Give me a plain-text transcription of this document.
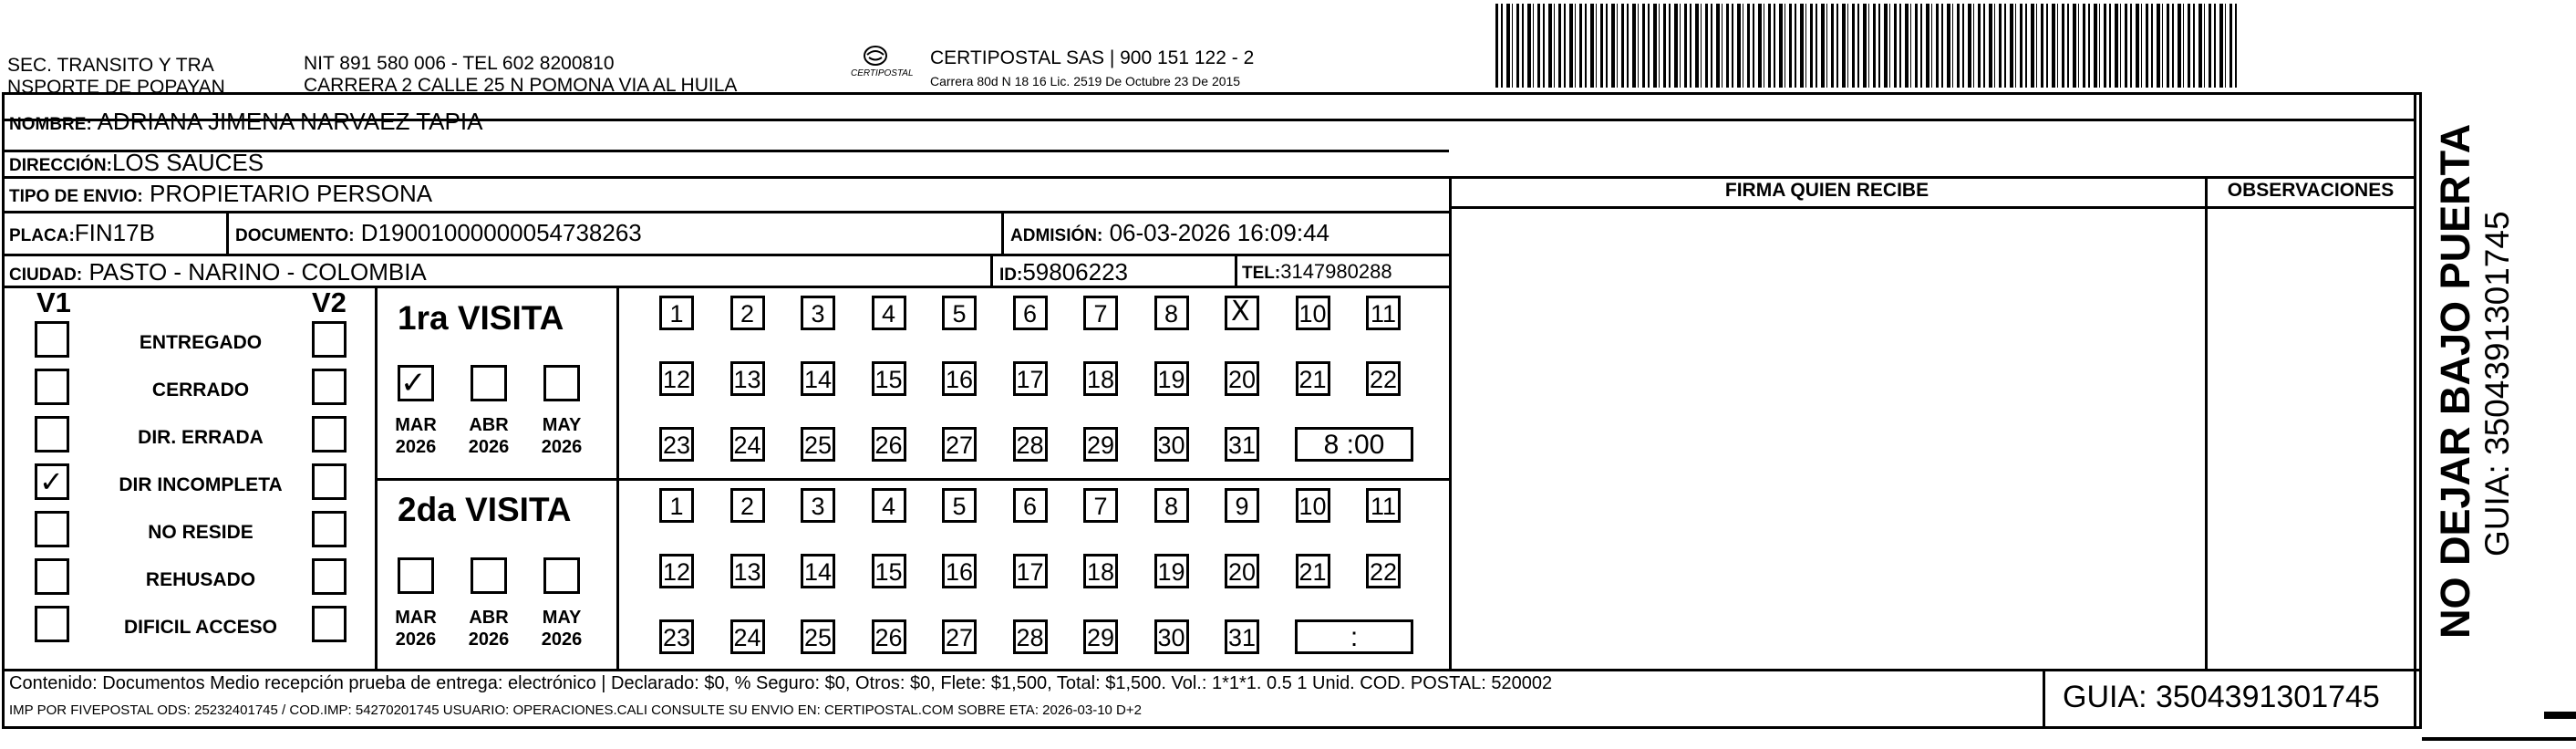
SEC. TRANSITO Y TRA
NSPORTE DE POPAYAN
NIT 891 580 006 - TEL 602 8200810
CARRERA 2 CALLE 25 N POMONA VIA AL HUILA
CERTIPOSTAL
CERTIPOSTAL SAS | 900 151 122 - 2
Carrera 80d N 18 16 Lic. 2519 De Octubre 23 De 2015
NOMBRE: ADRIANA JIMENA NARVAEZ TAPIA
DIRECCIÓN:LOS SAUCES
TIPO DE ENVIO: PROPIETARIO PERSONA
PLACA:FIN17B	DOCUMENTO: D19001000000054738263	ADMISIÓN: 06-03-2026 16:09:44
CIUDAD: PASTO - NARINO - COLOMBIA	ID:59806223	TEL:3147980288
FIRMA QUIEN RECIBE	OBSERVACIONES
V1	V2
ENTREGADO
CERRADO
DIR. ERRADA
✓	DIR INCOMPLETA
NO RESIDE
REHUSADO
DIFICIL ACCESO
1ra VISITA
2da VISITA
✓
MAR
2026
ABR
2026
MAY
2026
1	2	3	4	5	6	7	8	X 10 11
12 13 14 15 16 17 18 19 20 21 22
23 24 25 26 27 28 29 30 31	8 :00
MAR
2026
ABR
2026
MAY
2026
1	2	3	4	5	6	7	8	9	10 11
12 13 14 15 16 17 18 19 20 21 22
23 24 25 26 27 28 29 30 31	:
Contenido: Documentos Medio recepción prueba de entrega: electrónico | Declarado: $0, % Seguro: $0, Otros: $0, Flete: $1,500, Total: $1,500. Vol.: 1*1*1. 0.5 1 Unid. COD. POSTAL: 520002
IMP POR FIVEPOSTAL ODS: 25232401745 / COD.IMP: 54270201745 USUARIO: OPERACIONES.CALI CONSULTE SU ENVIO EN: CERTIPOSTAL.COM SOBRE ETA: 2026-03-10 D+2	GUIA: 3504391301745
NO DEJAR BAJO PUERTA GUIA: 3504391301745
